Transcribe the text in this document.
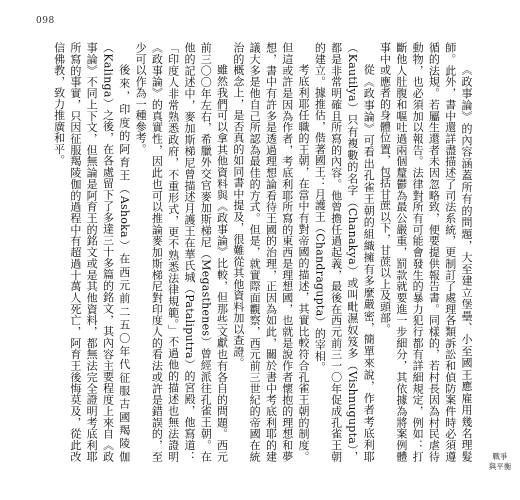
098

《政事論》的內容涵蓋所有的問題，大至建立堡壘、小至國王應雇用幾名理髮師。此外，書中還詳盡描述了司法系統，更制訂了處理各類訴訟和偵防案件時必須遵循的法規。若屬生還者未因忽略致，便要提供報告書。同樣的，若村長因為村民虐待動物，也必須加以報告。法律對所有可能會發生的暴力犯行都有詳細規定，例如：打斷他人肚腹和嘔吐過兩個釐鬱為最公嚴重，罰款就要進一步細分，其依據為將案例體事中或應者的身體位置，包括甘蔗以下，甘蔗以上及頭部。

從《政事論》可看出孔雀王朝的組織擁有多麼嚴密，簡單來說，作者考底利耶（Kautilya）只有複數的名字（Chanakya）或叫毗濕奴笈多（Vishnugupta），都是非常明確且所寫的內容。他曾擔任過起義，最後在西元前三一〇年促成孔雀王朝的建立。據推估，偕著國王：月護王（Chandragupta）的宰相。

考底利耶任職的王朝，在當中有對帝國的描述，其實比較符合孔雀王朝的制度。但這或許是因為作者，考底利耶所寫的東西是理想國，也就是說作者懷抱的理想和夢想，書中有許多是透過理想論看待王國的治理，正因為如此，關於書中考底利耶的建議大多是他自己所認為最佳的方式。但是，就實際面觀察，西元前三世紀的帝國在統治的概念上，是否真的如同書中提及，很難從其他資料加以查證。

雖然我們可以拿其他資料與《政事論》比較，但那些文獻也有各自的問題。西元前三〇〇年左右，希臘外交官麥加斯梯尼（Megasthenes）曾經派往孔雀王朝。在他的記述中，麥加斯梯尼曾描述月護王在華氏城（Pataliputra）的宮殿，他寫道：「印度人非常熟悉政府，不重形式，更不熟悉法律規範。」不過他的描述也無法證明《政事論》的真實性，因此也可以推論麥加斯梯尼對印度人的看法或許是錯誤的，至少可以作為一種參考。

後來，印度的阿育王（Ashoka）在西元前二五〇年代征服古國羯陵伽（Kalinga）之後，在各處留下了多達三十多篇的銘文，其內容主要程度上來自《政事論》不同上下文，但無論是阿育王的銘文或是其他資料，都無法完全證明考底利耶所寫的事實，只因征服羯陵伽的過程中有超過十萬人死亡，阿育王後悔莫及，從此改信佛教，致力推廣和平。

戰爭
與平衡
